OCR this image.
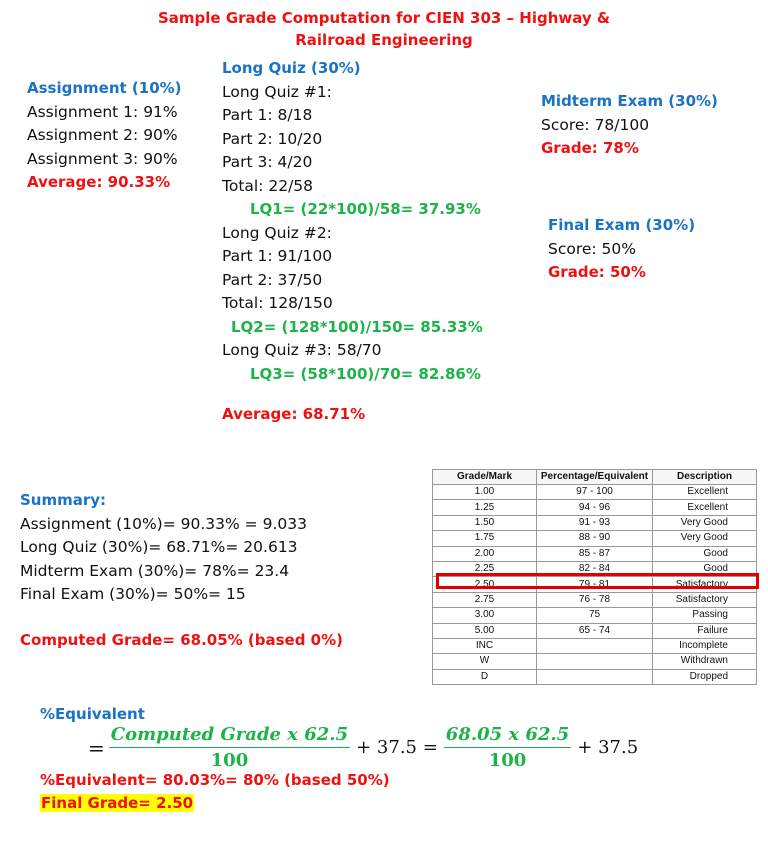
Sample Grade Computation for CIEN 303 – Highway &
Railroad Engineering
Assignment (10%)
Assignment 1: 91%
Assignment 2: 90%
Assignment 3: 90%
Average: 90.33%
Long Quiz (30%)
Long Quiz #1:
Part 1: 8/18
Part 2: 10/20
Part 3: 4/20
Total: 22/58
LQ1= (22*100)/58= 37.93%
Long Quiz #2:
Part 1: 91/100
Part 2: 37/50
Total: 128/150
LQ2= (128*100)/150= 85.33%
Long Quiz #3: 58/70
LQ3= (58*100)/70= 82.86%
Average: 68.71%
Midterm Exam (30%)
Score: 78/100
Grade: 78%
Final Exam (30%)
Score: 50%
Grade: 50%
Summary:
Assignment (10%)= 90.33% = 9.033
Long Quiz (30%)= 68.71%= 20.613
Midterm Exam (30%)= 78%= 23.4
Final Exam (30%)= 50%= 15
Computed Grade= 68.05% (based 0%)
Grade/Mark	Percentage/Equivalent	Description
1.00	97 - 100	Excellent
1.25	94 - 96	Excellent
1.50	91 - 93	Very Good
1.75	88 - 90	Very Good
2.00	85 - 87	Good
2.25	82 - 84	Good
2.50	79 - 81	Satisfactory
2.75	76 - 78	Satisfactory
3.00	75	Passing
5.00	65 - 74	Failure
INC		Incomplete
W		Withdrawn
D		Dropped
%Equivalent
= $\frac{\text{Computed Grade x 62.5}}{100} + 37.5 = \frac{68.05 x 62.5}{100} + 37.5$
%Equivalent= 80.03%= 80% (based 50%)
Final Grade= 2.50
